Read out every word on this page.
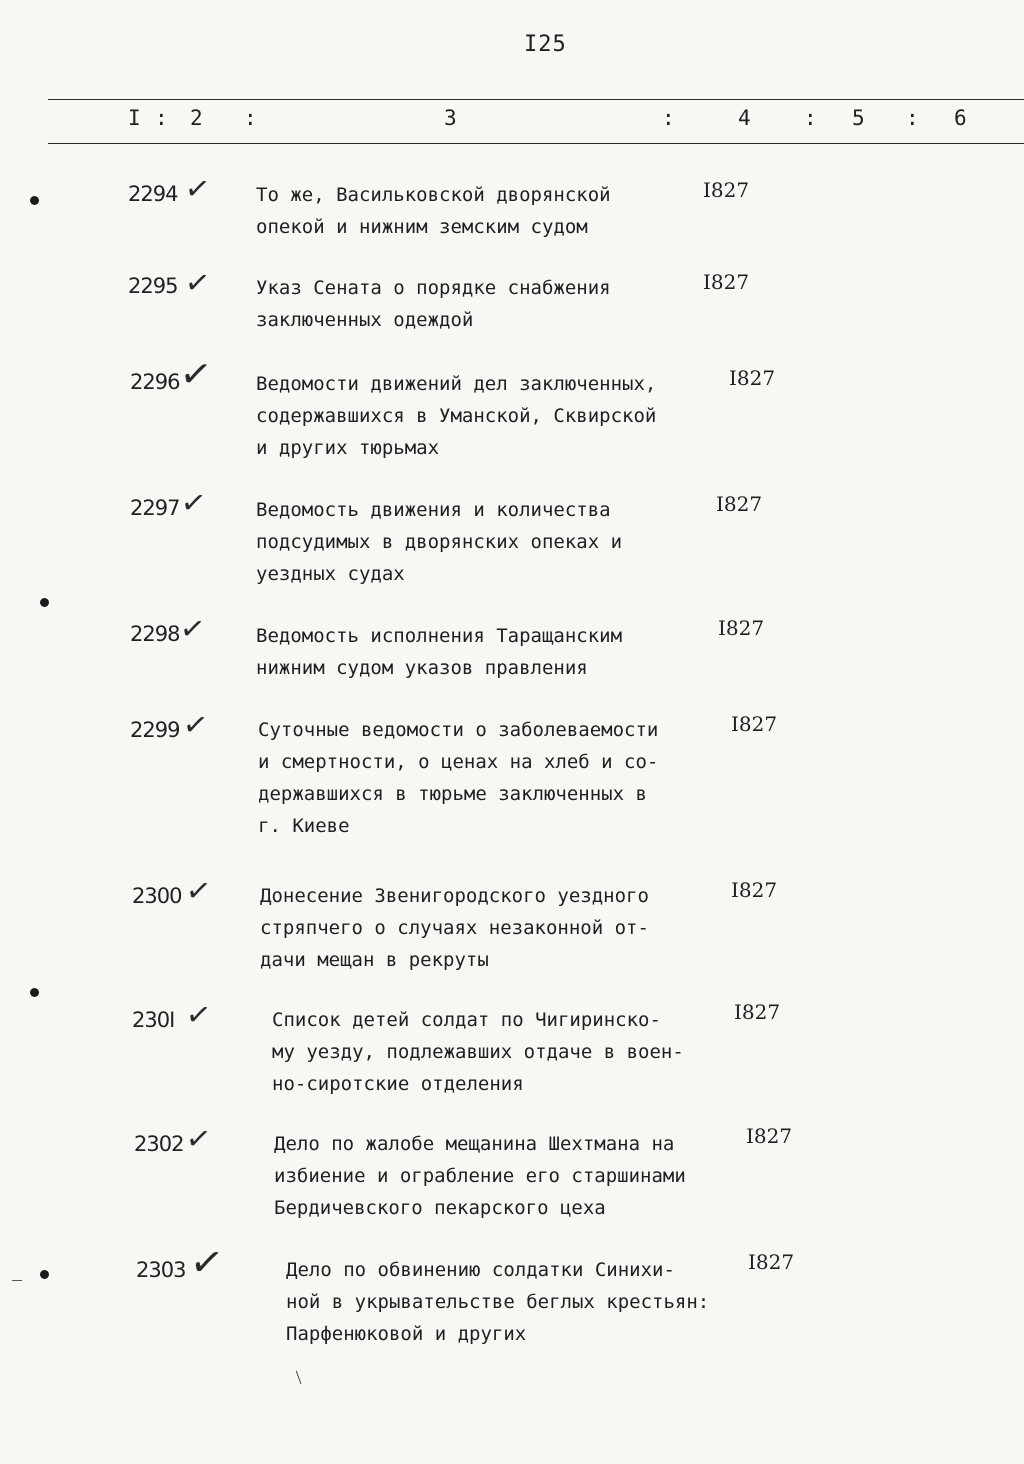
I25
I : 2 :	3	:	4	: 5 : 6
2294 ✓ То же, Васильковской дворянской
опекой и нижним земским судом
I827
2295 ✓ Указ Сената о порядке снабжения
заключенных одеждой
I827
2296
✓ Ведомости движений дел заключенных,
содержавшихся в Уманской, Сквирской
и других тюрьмах
I827
2297 ✓	Ведомость движения и количества
подсудимых в дворянских опеках и
уездных судах
I827
2298
✓	Ведомость исполнения Таращанским
нижним судом указов правления
I827
2299 ✓	Суточные ведомости о заболеваемости
и смертности, о ценах на хлеб и со-
державшихся в тюрьме заключенных в
г. Киеве
I827
2300 ✓ Донесение Звенигородского уездного
стряпчего о случаях незаконной от-
дачи мещан в рекруты
I827
230I ✓	Список детей солдат по Чигиринско-
му уезду, подлежавших отдаче в воен-
но-сиротские отделения
I827
2302 ✓	Дело по жалобе мещанина Шехтмана на
избиение и ограбление его старшинами
Бердичевского пекарского цеха
I827
2303 ✓	Дело по обвинению солдатки Синихи-
ной в укрывательстве беглых крестьян:
Парфенюковой и других
I827
